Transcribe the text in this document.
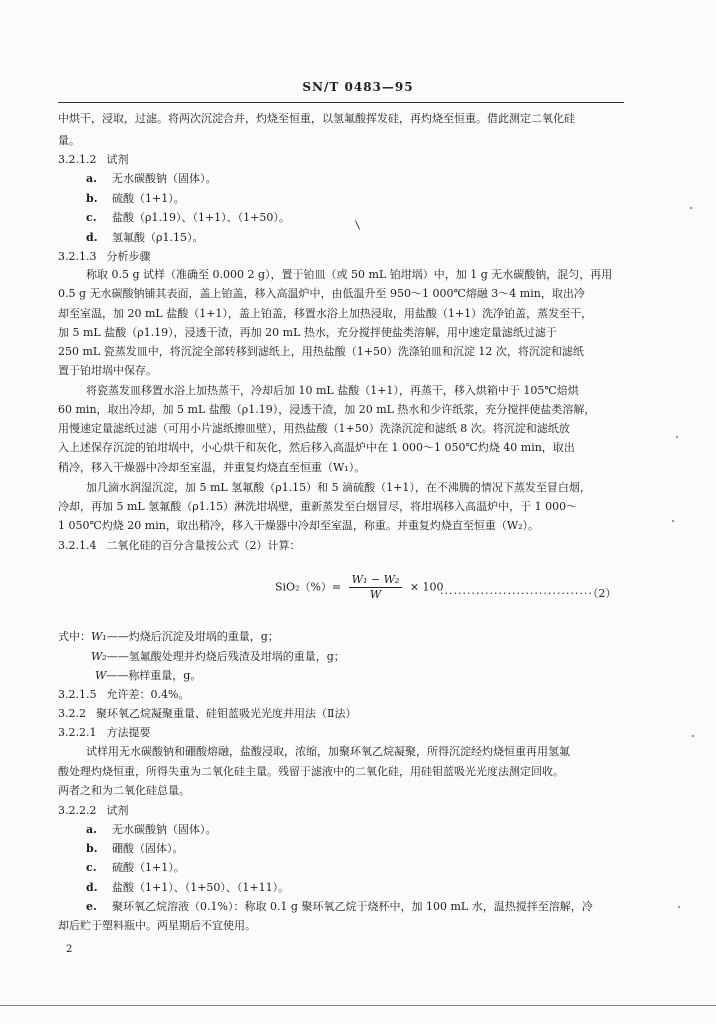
SN/T 0483—95
中烘干，浸取，过滤。将两次沉淀合并，灼烧至恒重，以氢氟酸挥发硅，再灼烧至恒重。借此测定二氧化硅
量。
3.2.1.2 试剂
a. 无水碳酸钠（固体）。
b. 硫酸（1+1）。
c. 盐酸（ρ1.19）、（1+1）、（1+50）。
d. 氢氟酸（ρ1.15）。
3.2.1.3 分析步骤
称取 0.5 g 试样（准确至 0.000 2 g），置于铂皿（或 50 mL 铂坩埚）中，加 1 g 无水碳酸钠，混匀，再用
0.5 g 无水碳酸钠铺其表面，盖上铂盖，移入高温炉中，由低温升至 950～1 000℃熔融 3～4 min，取出冷
却至室温，加 20 mL 盐酸（1+1），盖上铂盖，移置水浴上加热浸取，用盐酸（1+1）洗净铂盖，蒸发至干，
加 5 mL 盐酸（ρ1.19），浸透干渣，再加 20 mL 热水，充分搅拌使盐类溶解，用中速定量滤纸过滤于
250 mL 瓷蒸发皿中，将沉淀全部转移到滤纸上，用热盐酸（1+50）洗涤铂皿和沉淀 12 次，将沉淀和滤纸
置于铂坩埚中保存。
将瓷蒸发皿移置水浴上加热蒸干，冷却后加 10 mL 盐酸（1+1），再蒸干，移入烘箱中于 105℃焙烘
60 min，取出冷却，加 5 mL 盐酸（ρ1.19），浸透干渣，加 20 mL 热水和少许纸浆，充分搅拌使盐类溶解，
用慢速定量滤纸过滤（可用小片滤纸擦皿壁），用热盐酸（1+50）洗涤沉淀和滤纸 8 次。将沉淀和滤纸放
入上述保存沉淀的铂坩埚中，小心烘干和灰化，然后移入高温炉中在 1 000～1 050℃灼烧 40 min，取出
稍冷，移入干燥器中冷却至室温，并重复灼烧直至恒重（W₁）。
加几滴水润湿沉淀，加 5 mL 氢氟酸（ρ1.15）和 5 滴硫酸（1+1），在不沸腾的情况下蒸发至冒白烟，
冷却，再加 5 mL 氢氟酸（ρ1.15）淋洗坩埚壁，重新蒸发至白烟冒尽，将坩埚移入高温炉中，于 1 000～
1 050℃灼烧 20 min，取出稍冷，移入干燥器中冷却至室温，称重。并重复灼烧直至恒重（W₂）。
3.2.1.4 二氧化硅的百分含量按公式（2）计算：
$SiO_2(\%)= \frac{\text{W₁ − W₂}}{W} \times 100$
··································（2）
式中：W₁——灼烧后沉淀及坩埚的重量，g；
W₂——氢氟酸处理并灼烧后残渣及坩埚的重量，g；
W——称样重量，g。
3.2.1.5 允许差：0.4%。
3.2.2 聚环氧乙烷凝聚重量、硅钼蓝吸光光度并用法（Ⅱ法）
3.2.2.1 方法提要
试样用无水碳酸钠和硼酸熔融，盐酸浸取，浓缩，加聚环氧乙烷凝聚，所得沉淀经灼烧恒重再用氢氟
酸处理灼烧恒重，所得失重为二氧化硅主量。残留于滤液中的二氧化硅，用硅钼蓝吸光光度法测定回收。
两者之和为二氧化硅总量。
3.2.2.2 试剂
a. 无水碳酸钠（固体）。
b. 硼酸（固体）。
c. 硫酸（1+1）。
d. 盐酸（1+1）、（1+50）、（1+11）。
e. 聚环氧乙烷溶液（0.1%）：称取 0.1 g 聚环氧乙烷于烧杯中，加 100 mL 水，温热搅拌至溶解，冷
却后贮于塑料瓶中。两星期后不宜使用。
2
